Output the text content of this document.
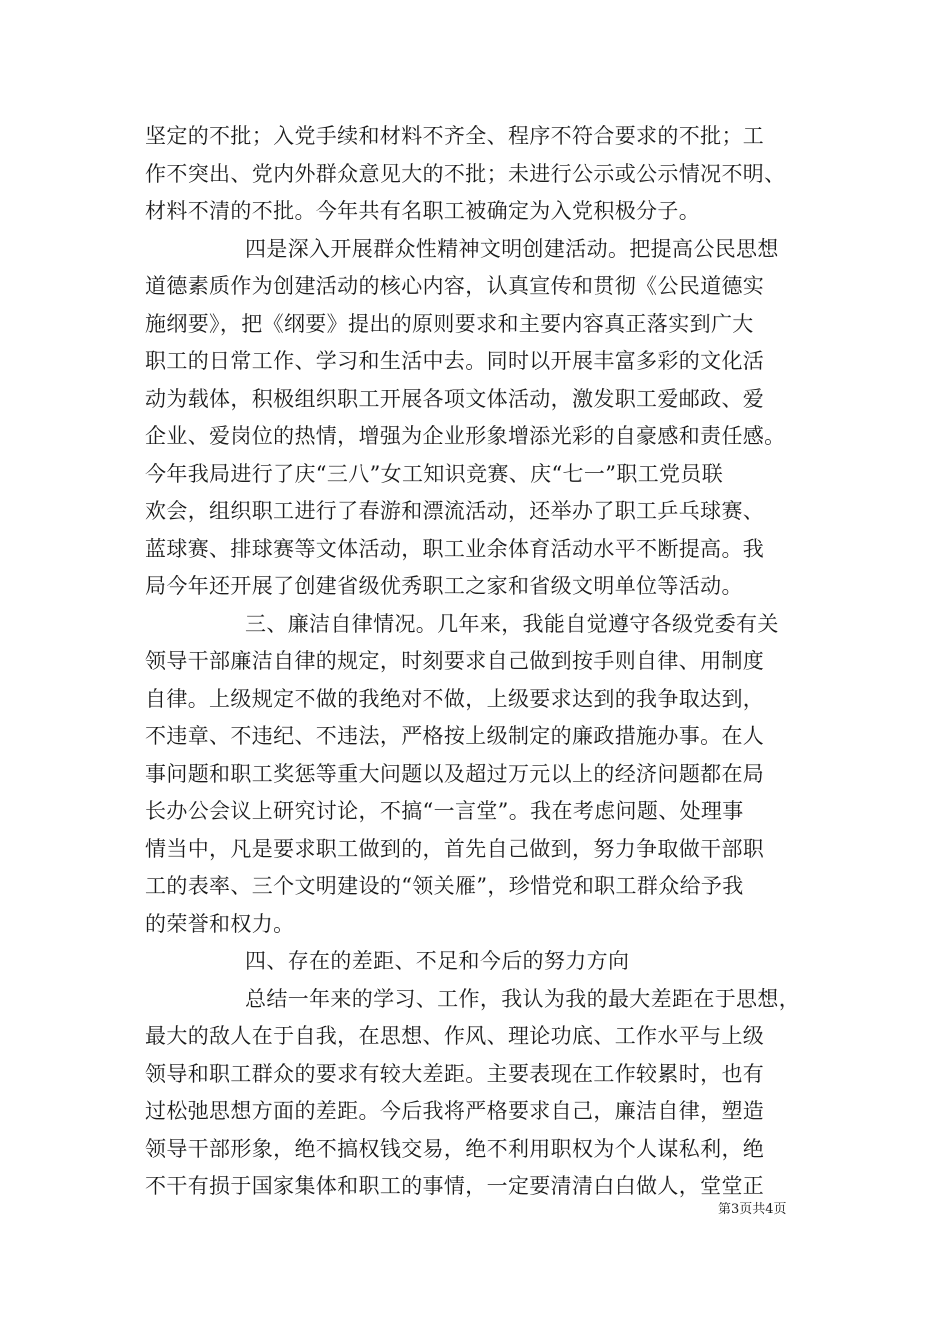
坚定的不批；入党手续和材料不齐全、程序不符合要求的不批；工
作不突出、党内外群众意见大的不批；未进行公示或公示情况不明、
材料不清的不批。今年共有名职工被确定为入党积极分子。
四是深入开展群众性精神文明创建活动。把提高公民思想
道德素质作为创建活动的核心内容，认真宣传和贯彻《公民道德实
施纲要》，把《纲要》提出的原则要求和主要内容真正落实到广大
职工的日常工作、学习和生活中去。同时以开展丰富多彩的文化活
动为载体，积极组织职工开展各项文体活动，激发职工爱邮政、爱
企业、爱岗位的热情，增强为企业形象增添光彩的自豪感和责任感。
今年我局进行了庆“三八”女工知识竞赛、庆“七一”职工党员联
欢会，组织职工进行了春游和漂流活动，还举办了职工乒乓球赛、
蓝球赛、排球赛等文体活动，职工业余体育活动水平不断提高。我
局今年还开展了创建省级优秀职工之家和省级文明单位等活动。
三、廉洁自律情况。几年来，我能自觉遵守各级党委有关
领导干部廉洁自律的规定，时刻要求自己做到按手则自律、用制度
自律。上级规定不做的我绝对不做，上级要求达到的我争取达到，
不违章、不违纪、不违法，严格按上级制定的廉政措施办事。在人
事问题和职工奖惩等重大问题以及超过万元以上的经济问题都在局
长办公会议上研究讨论，不搞“一言堂”。我在考虑问题、处理事
情当中，凡是要求职工做到的，首先自己做到，努力争取做干部职
工的表率、三个文明建设的“领关雁”，珍惜党和职工群众给予我
的荣誉和权力。
四、存在的差距、不足和今后的努力方向
总结一年来的学习、工作，我认为我的最大差距在于思想，
最大的敌人在于自我，在思想、作风、理论功底、工作水平与上级
领导和职工群众的要求有较大差距。主要表现在工作较累时，也有
过松弛思想方面的差距。今后我将严格要求自己，廉洁自律，塑造
领导干部形象，绝不搞权钱交易，绝不利用职权为个人谋私利，绝
不干有损于国家集体和职工的事情，一定要清清白白做人，堂堂正
第3页共4页
